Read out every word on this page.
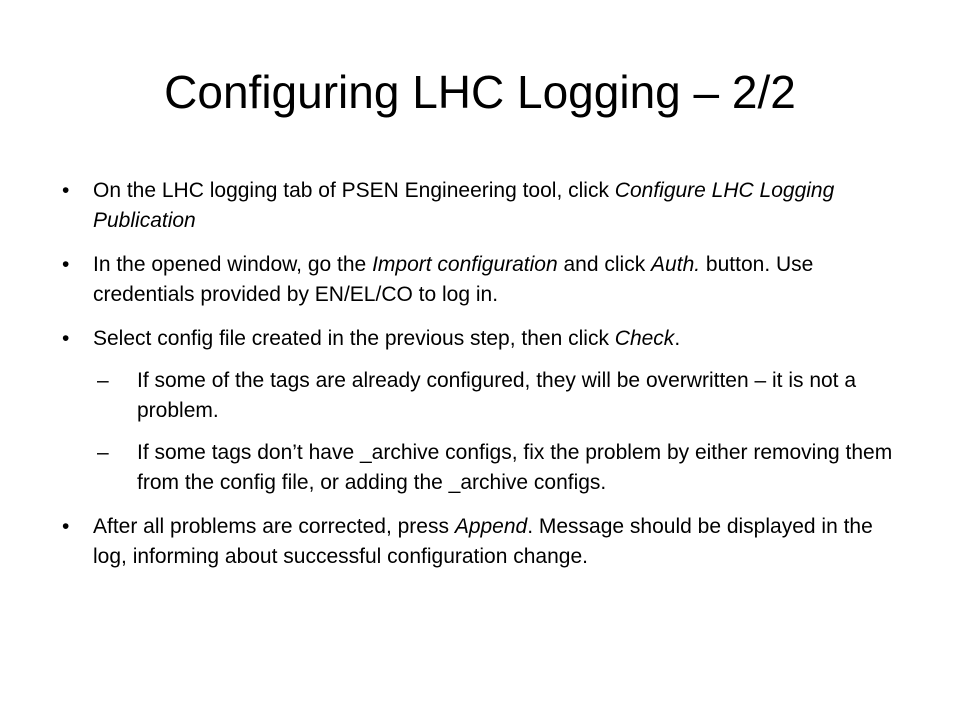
Configuring LHC Logging – 2/2
• On the LHC logging tab of PSEN Engineering tool, click Configure LHC Logging Publication
• In the opened window, go the Import configuration and click Auth. button. Use credentials provided by EN/EL/CO to log in.
• Select config file created in the previous step, then click Check.
– If some of the tags are already configured, they will be overwritten – it is not a problem.
– If some tags don’t have _archive configs, fix the problem by either removing them from the config file, or adding the _archive configs.
• After all problems are corrected, press Append. Message should be displayed in the log, informing about successful configuration change.
